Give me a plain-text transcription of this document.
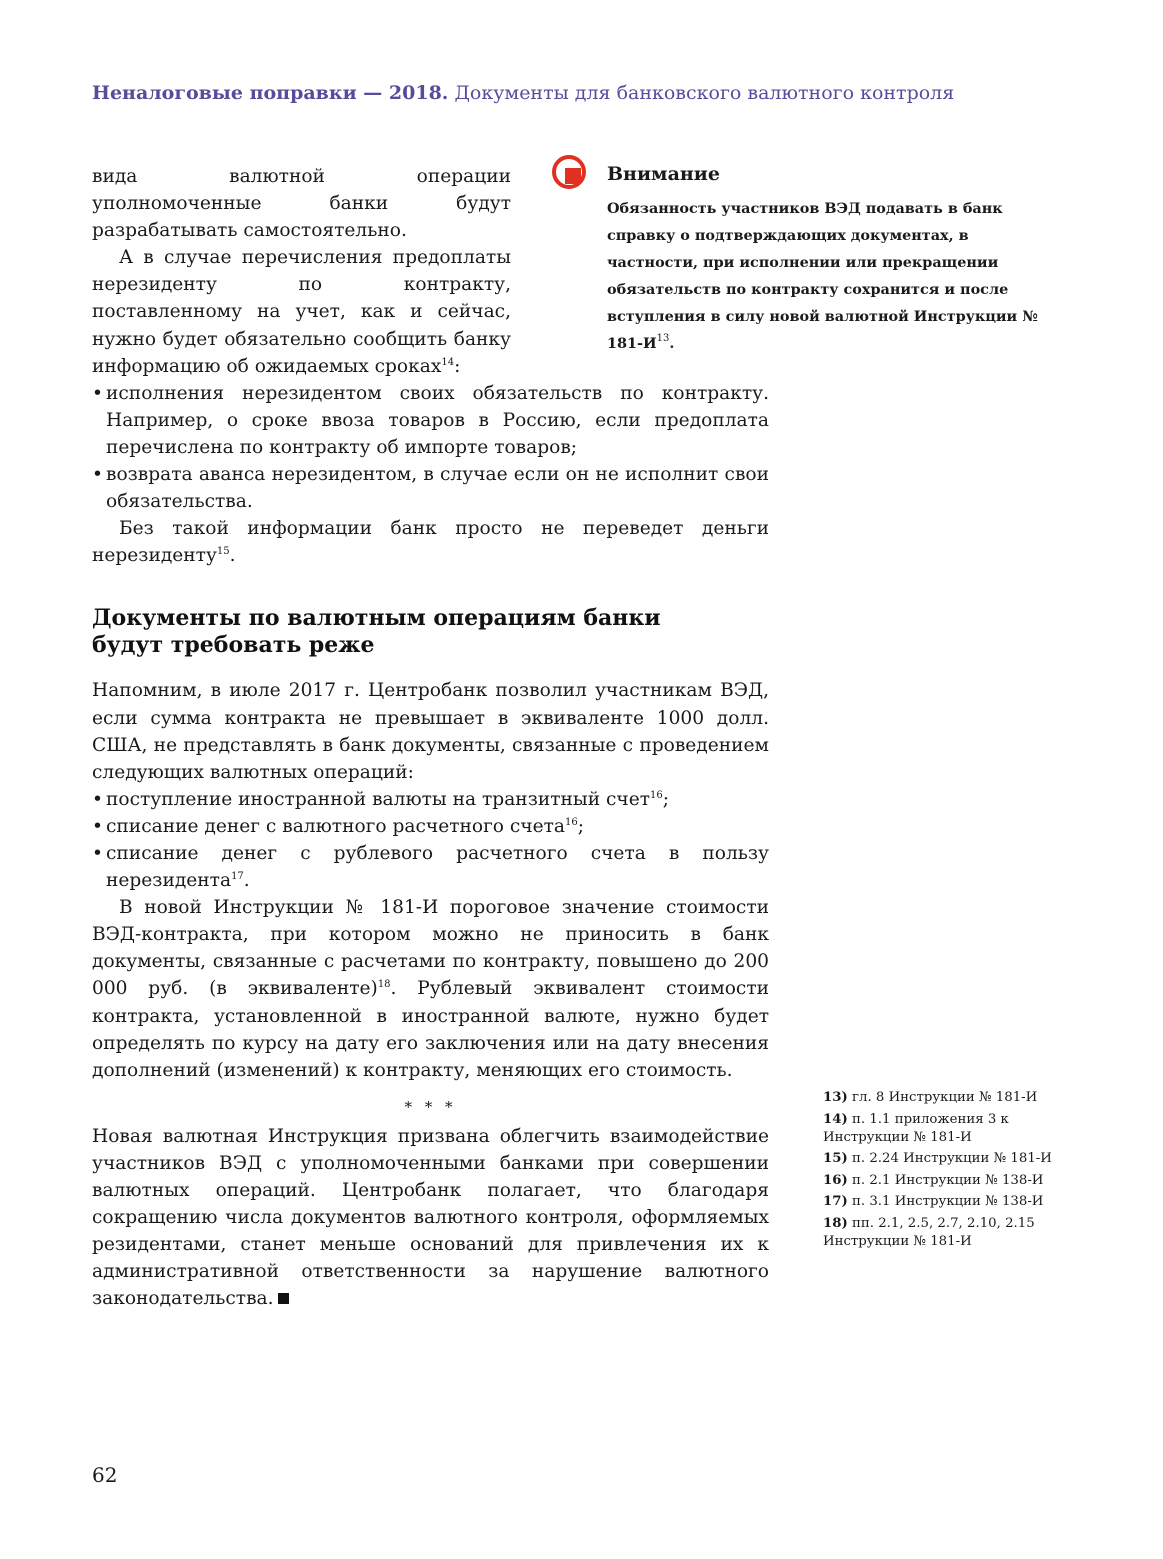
Неналоговые поправки — 2018. Документы для банковского валютного контроля

вида валютной операции уполномоченные банки будут разрабатывать самостоятельно.

А в случае перечисления предоплаты нерезиденту по контракту, поставленному на учет, как и сейчас, нужно будет обязательно сообщить банку информацию об ожидаемых сроках$^{14}$:

• исполнения нерезидентом своих обязательств по контракту. Например, о сроке ввоза товаров в Россию, если предоплата перечислена по контракту об импорте товаров;
• возврата аванса нерезидентом, в случае если он не исполнит свои обязательства.

Без такой информации банк просто не переведет деньги нерезиденту$^{15}$.

Документы по валютным операциям банки будут требовать реже

Напомним, в июле 2017 г. Центробанк позволил участникам ВЭД, если сумма контракта не превышает в эквиваленте 1000 долл. США, не представлять в банк документы, связанные с проведением следующих валютных операций:

• поступление иностранной валюты на транзитный счет$^{16}$;
• списание денег с валютного расчетного счета$^{16}$;
• списание денег с рублевого расчетного счета в пользу нерезидента$^{17}$.

В новой Инструкции № 181-И пороговое значение стоимости ВЭД-контракта, при котором можно не приносить в банк документы, связанные с расчетами по контракту, повышено до 200 000 руб. (в эквиваленте)$^{18}$. Рублевый эквивалент стоимости контракта, установленной в иностранной валюте, нужно будет определять по курсу на дату его заключения или на дату внесения дополнений (изменений) к контракту, меняющих его стоимость.

* * *

Новая валютная Инструкция призвана облегчить взаимодействие участников ВЭД с уполномоченными банками при совершении валютных операций. Центробанк полагает, что благодаря сокращению числа документов валютного контроля, оформляемых резидентами, станет меньше оснований для привлечения их к административной ответственности за нарушение валютного законодательства.

Внимание
Обязанность участников ВЭД подавать в банк справку о подтверждающих документах, в частности, при исполнении или прекращении обязательств по контракту сохранится и после вступления в силу новой валютной Инструкции № $181-И^{13}$.
13) гл. 8 Инструкции № 181-И
14) п. 1.1 приложения 3 к Инструкции № 181-И
15) п. 2.24 Инструкции № 181-И
16) п. 2.1 Инструкции № 138-И
17) п. 3.1 Инструкции № 138-И
18) пп. 2.1, 2.5, 2.7, 2.10, 2.15 Инструкции № 181-И
62
